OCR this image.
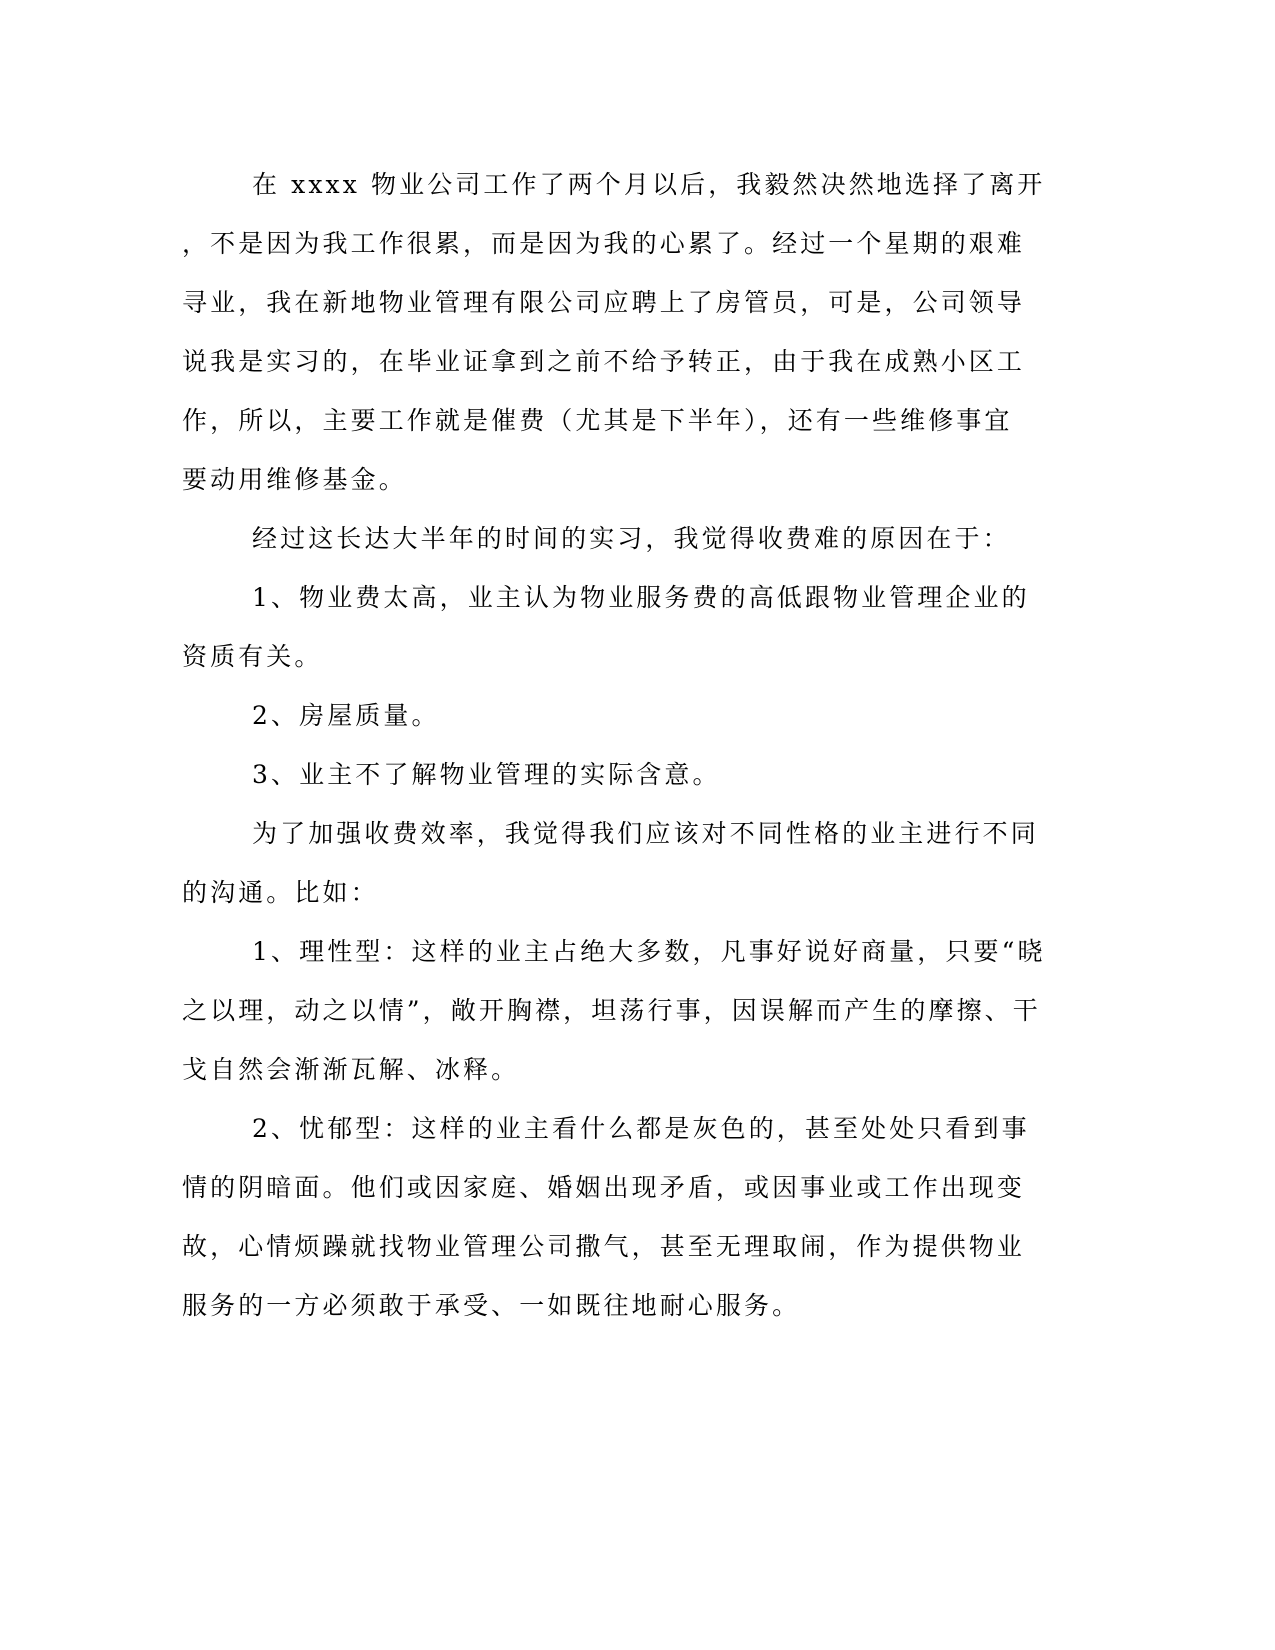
在 xxxx 物业公司工作了两个月以后，我毅然决然地选择了离开

，不是因为我工作很累，而是因为我的心累了。经过一个星期的艰难

寻业，我在新地物业管理有限公司应聘上了房管员，可是，公司领导

说我是实习的，在毕业证拿到之前不给予转正，由于我在成熟小区工

作，所以，主要工作就是催费（尤其是下半年），还有一些维修事宜

要动用维修基金。

经过这长达大半年的时间的实习，我觉得收费难的原因在于：

1、物业费太高，业主认为物业服务费的高低跟物业管理企业的

资质有关。

2、房屋质量。

3、业主不了解物业管理的实际含意。

为了加强收费效率，我觉得我们应该对不同性格的业主进行不同

的沟通。比如：

1、理性型：这样的业主占绝大多数，凡事好说好商量，只要“晓

之以理，动之以情”，敞开胸襟，坦荡行事，因误解而产生的摩擦、干

戈自然会渐渐瓦解、冰释。

2、忧郁型：这样的业主看什么都是灰色的，甚至处处只看到事

情的阴暗面。他们或因家庭、婚姻出现矛盾，或因事业或工作出现变

故，心情烦躁就找物业管理公司撒气，甚至无理取闹，作为提供物业

服务的一方必须敢于承受、一如既往地耐心服务。
